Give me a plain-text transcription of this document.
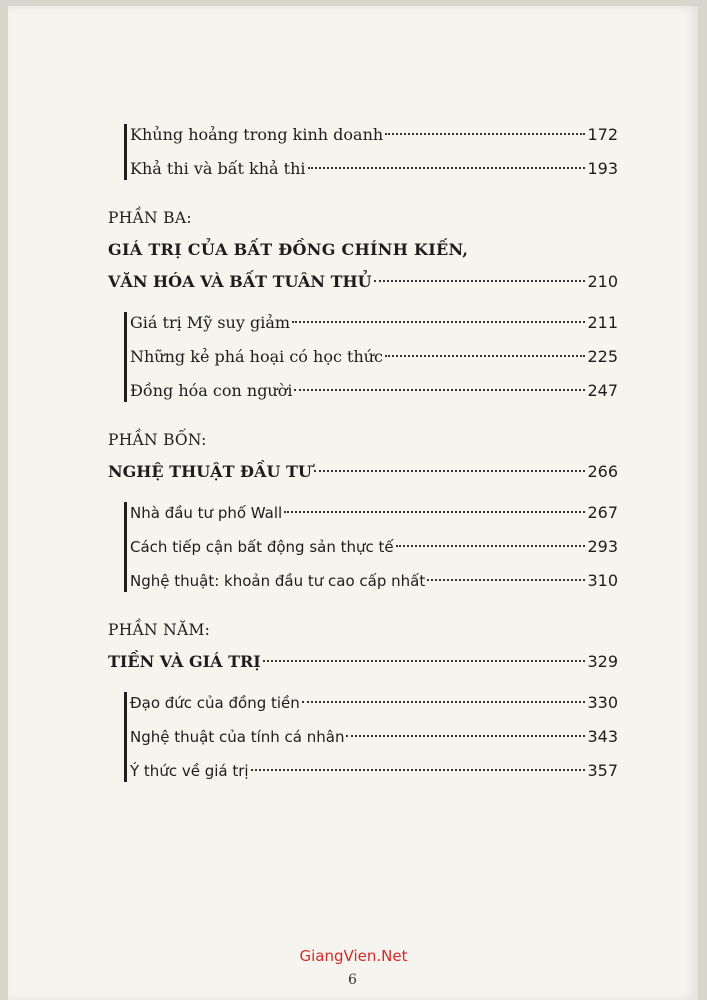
Khủng hoảng trong kinh doanh	172
Khả thi và bất khả thi	193
PHẦN BA:
GIÁ TRỊ CỦA BẤT ĐỒNG CHÍNH KIẾN,
VĂN HÓA VÀ BẤT TUÂN THỦ	210
Giá trị Mỹ suy giảm	211
Những kẻ phá hoại có học thức	225
Đồng hóa con người	247
PHẦN BỐN:
NGHỆ THUẬT ĐẦU TƯ	266
Nhà đầu tư phố Wall	267
Cách tiếp cận bất động sản thực tế	293
Nghệ thuật: khoản đầu tư cao cấp nhất	310
PHẦN NĂM:
TIỀN VÀ GIÁ TRỊ	329
Đạo đức của đồng tiền	330
Nghệ thuật của tính cá nhân	343
Ý thức về giá trị	357
GiangVien.Net
6
